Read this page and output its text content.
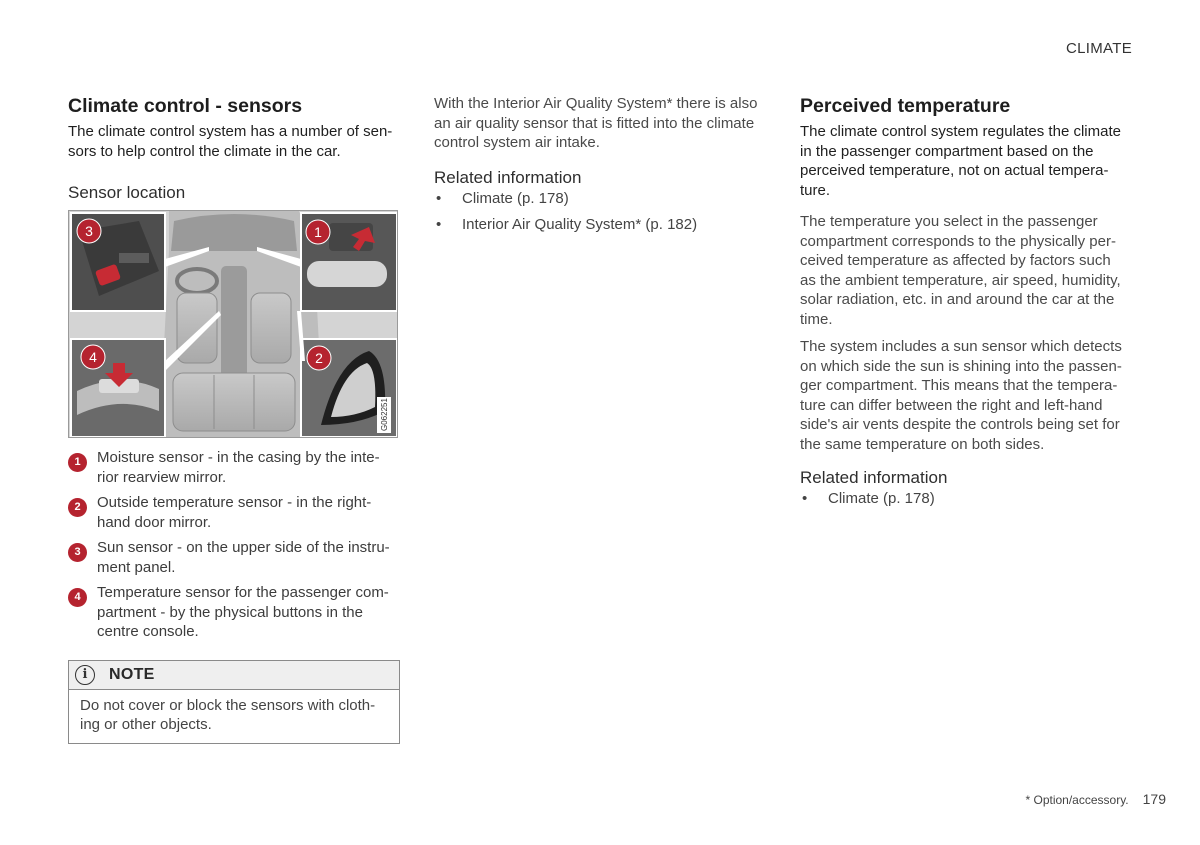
CLIMATE
Climate control - sensors

The climate control system has a number of sen-
sors to help control the climate in the car.

Sensor location
3	1
4	2
G062251
1	Moisture sensor - in the casing by the inte-
rior rearview mirror.

2	Outside temperature sensor - in the right-
hand door mirror.

3	Sun sensor - on the upper side of the instru-
ment panel.

4	Temperature sensor for the passenger com-
partment - by the physical buttons in the
centre console.

i	NOTE

Do not cover or block the sensors with cloth-
ing or other objects.

With the Interior Air Quality System* there is also
an air quality sensor that is fitted into the climate
control system air intake.

Related information
• Climate (p. 178)
• Interior Air Quality System* (p. 182)
Perceived temperature

The climate control system regulates the climate
in the passenger compartment based on the
perceived temperature, not on actual tempera-
ture.

The temperature you select in the passenger
compartment corresponds to the physically per-
ceived temperature as affected by factors such
as the ambient temperature, air speed, humidity,
solar radiation, etc. in and around the car at the
time.

The system includes a sun sensor which detects
on which side the sun is shining into the passen-
ger compartment. This means that the tempera-
ture can differ between the right and left-hand
side's air vents despite the controls being set for
the same temperature on both sides.

Related information
• Climate (p. 178)
* Option/accessory. 179
